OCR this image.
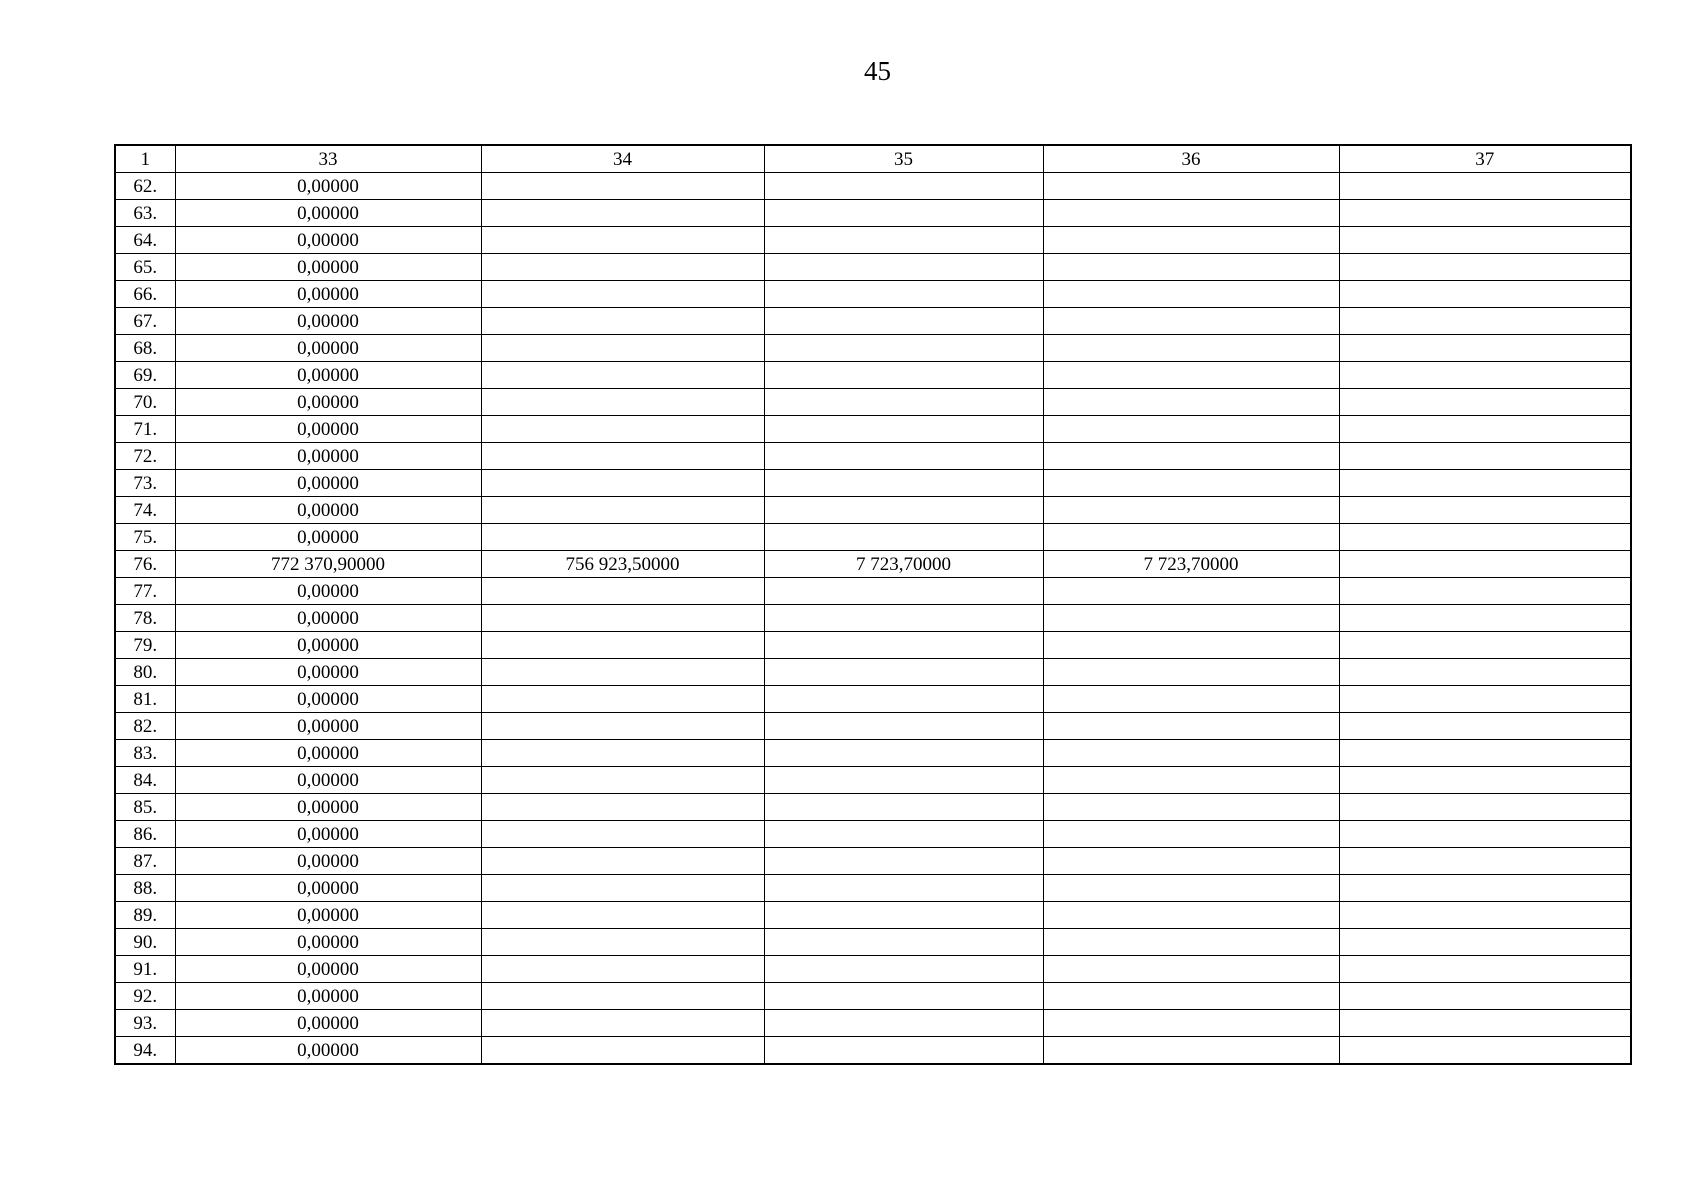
45
1	33	34	35	36	37
62.	0,00000				
63.	0,00000				
64.	0,00000				
65.	0,00000				
66.	0,00000				
67.	0,00000				
68.	0,00000				
69.	0,00000				
70.	0,00000				
71.	0,00000				
72.	0,00000				
73.	0,00000				
74.	0,00000				
75.	0,00000				
76.	772 370,90000	756 923,50000	7 723,70000	7 723,70000	
77.	0,00000				
78.	0,00000				
79.	0,00000				
80.	0,00000				
81.	0,00000				
82.	0,00000				
83.	0,00000				
84.	0,00000				
85.	0,00000				
86.	0,00000				
87.	0,00000				
88.	0,00000				
89.	0,00000				
90.	0,00000				
91.	0,00000				
92.	0,00000				
93.	0,00000				
94.	0,00000				
